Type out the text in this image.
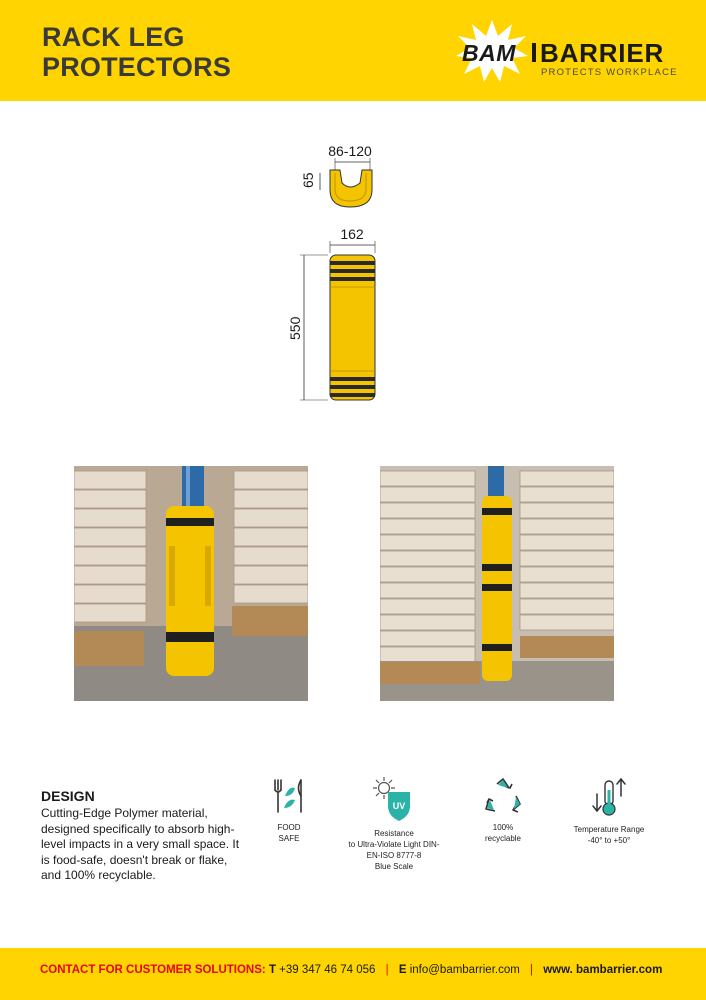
RACK LEG
PROTECTORS	BAM BARRIER
PROTECTS WORKPLACE
86-120
65
162
550
DESIGN
Cutting-Edge Polymer material, designed specifically to absorb high-level impacts in a very small space. It is food-safe, doesn't break or flake, and 100% recyclable.
FOOD
SAFE
UV
Resistance
to Ultra-Violate Light DIN-
EN-ISO 8777-8
Blue Scale
100%
recyclable
Temperature Range
-40° to +50°
CONTACT FOR CUSTOMER SOLUTIONS: T +39 347 46 74 056 | E info@bambarrier.com | www. bambarrier.com
